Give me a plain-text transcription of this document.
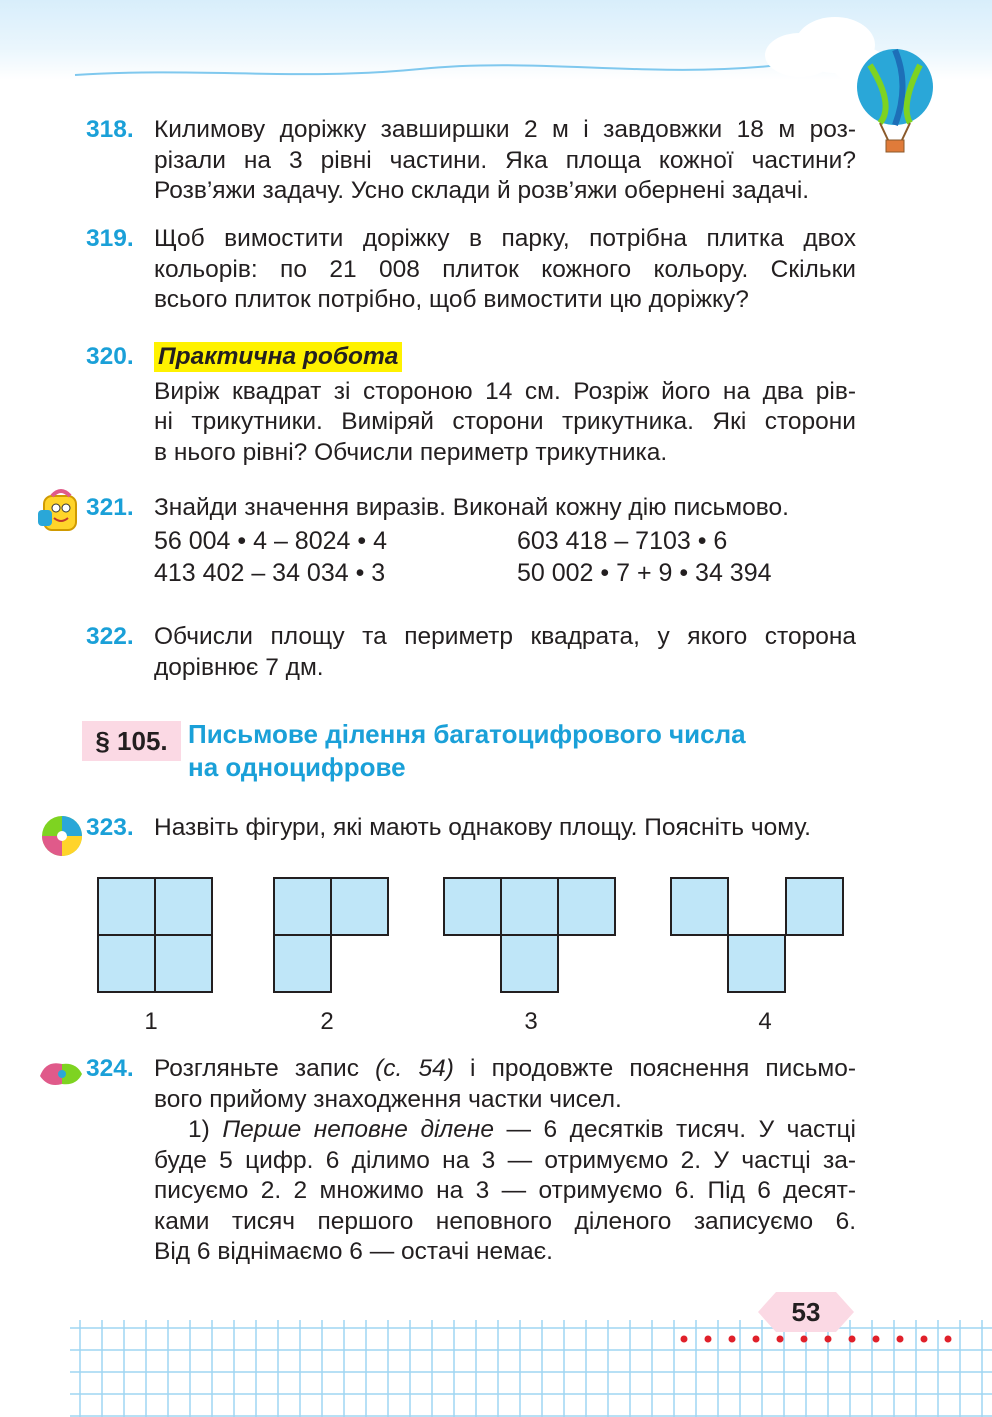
318. Килимову доріжку завширшки 2 м і завдовжки 18 м роз-
різали на 3 рівні частини. Яка площа кожної частини?
Розв’яжи задачу. Усно склади й розв’яжи обернені задачі.
319. Щоб вимостити доріжку в парку, потрібна плитка двох
кольорів: по 21 008 плиток кожного кольору. Скільки
всього плиток потрібно, щоб вимостити цю доріжку?
320. Практична робота
Виріж квадрат зі стороною 14 см. Розріж його на два рів-
ні трикутники. Виміряй сторони трикутника. Які сторони
в нього рівні? Обчисли периметр трикутника.
321. Знайди значення виразів. Виконай кожну дію письмово.
56 004 • 4 – 8024 • 4	603 418 – 7103 • 6
413 402 – 34 034 • 3	50 002 • 7 + 9 • 34 394
322. Обчисли площу та периметр квадрата, у якого сторона
дорівнює 7 дм.
§ 105. Письмове ділення багатоцифрового числа
на одноцифрове
323. Назвіть фігури, які мають однакову площу. Поясніть чому.
1	2	3	4
324. Розгляньте запис (с. 54) і продовжте пояснення письмо-
вого прийому знаходження частки чисел.
1) Перше неповне ділене — 6 десятків тисяч. У частці
буде 5 цифр. 6 ділимо на 3 — отримуємо 2. У частці за-
писуємо 2. 2 множимо на 3 — отримуємо 6. Під 6 десят-
ками тисяч першого неповного діленого записуємо 6.
Від 6 віднімаємо 6 — остачі немає.
53
